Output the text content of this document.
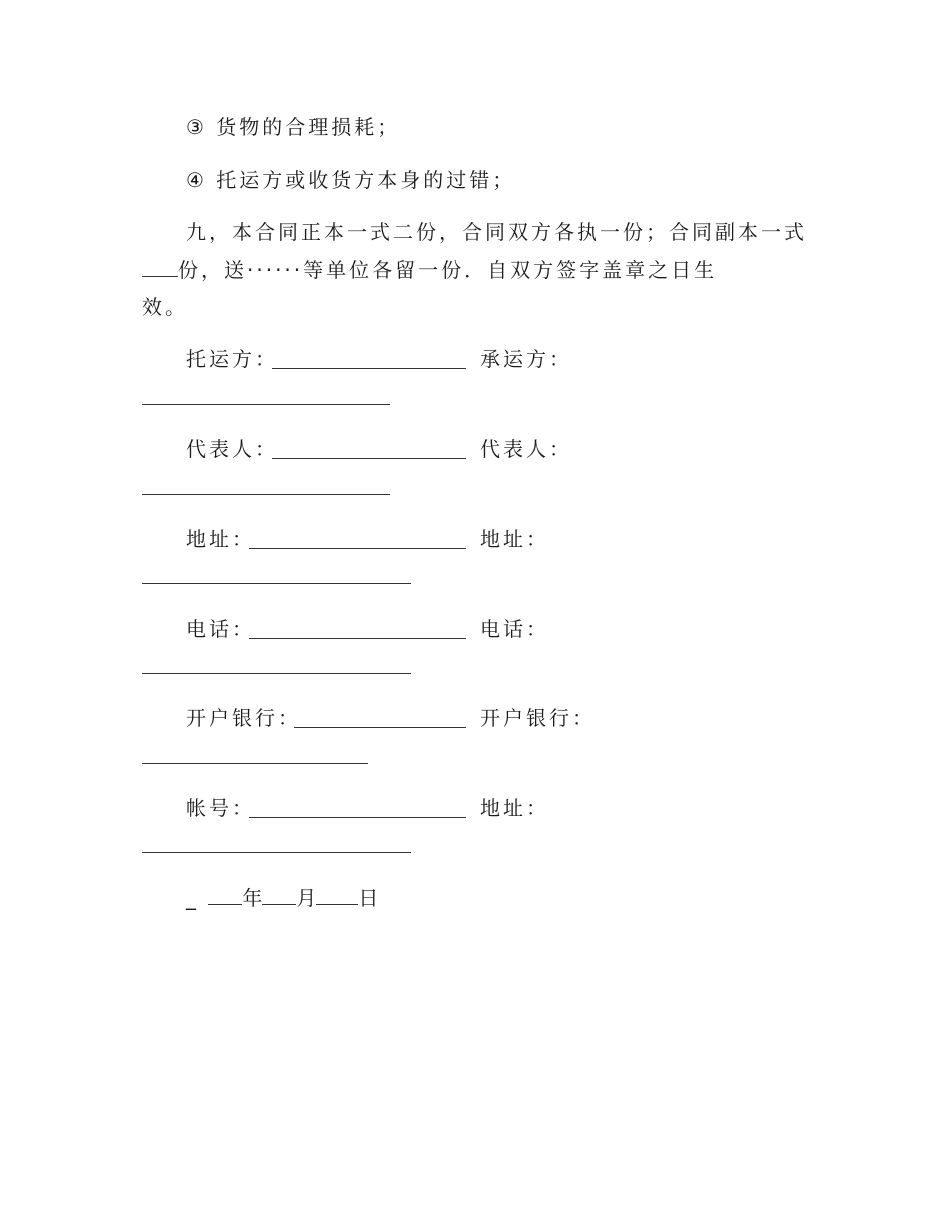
③ 货物的合理损耗；
④ 托运方或收货方本身的过错；
九，本合同正本一式二份，合同双方各执一份；合同副本一式
份，送······等单位各留一份．自双方签字盖章之日生
效。
托运方：	承运方：
代表人：	代表人：
地址：	地址：
电话：	电话：
开户银行：	开户银行：
帐号：	地址：
_ 年 月 日
